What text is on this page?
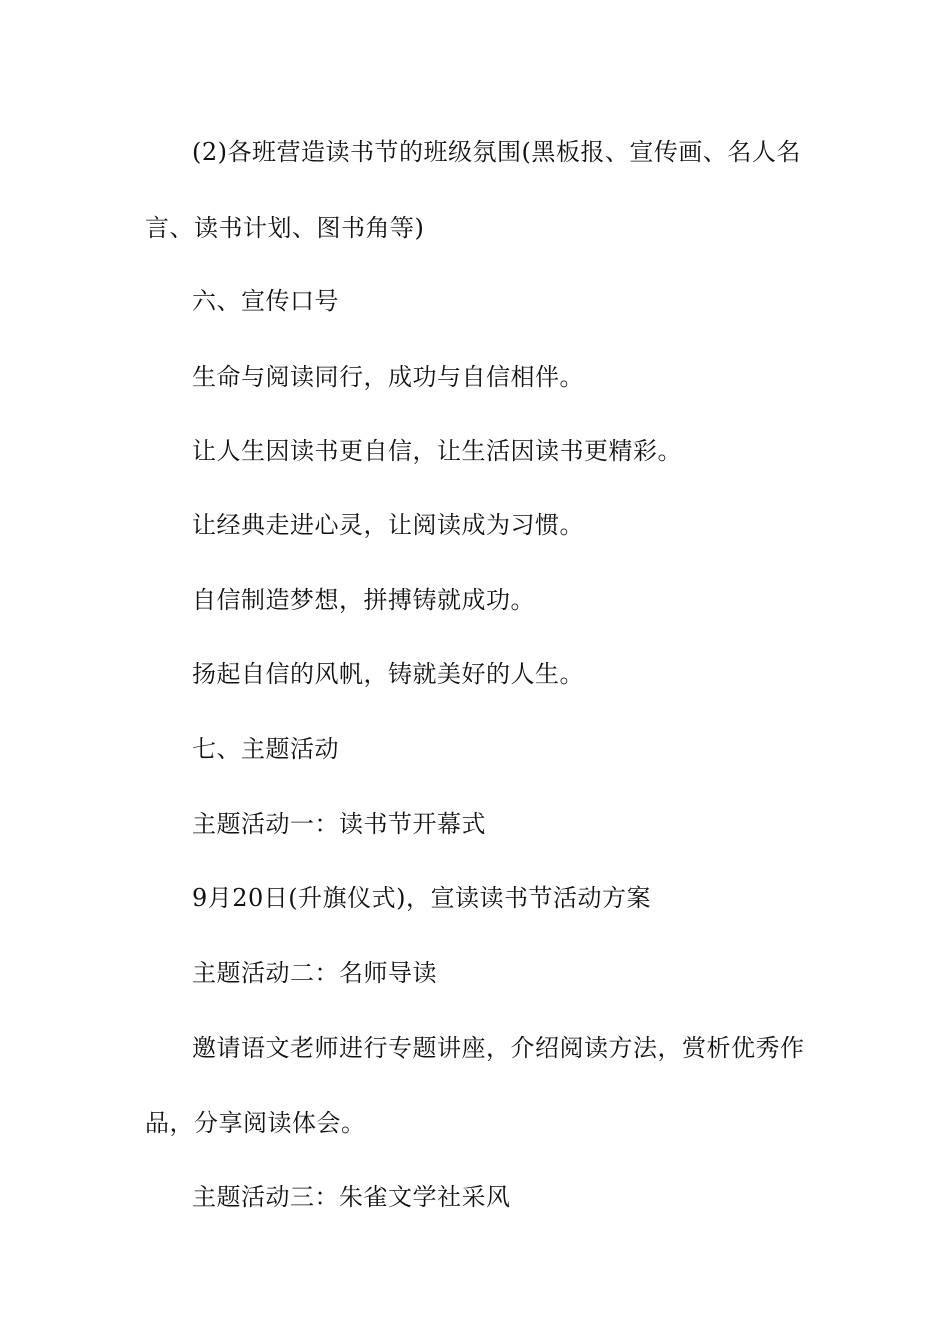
(2)各班营造读书节的班级氛围(黑板报、宣传画、名人名
言、读书计划、图书角等)
六、宣传口号
生命与阅读同行，成功与自信相伴。
让人生因读书更自信，让生活因读书更精彩。
让经典走进心灵，让阅读成为习惯。
自信制造梦想，拼搏铸就成功。
扬起自信的风帆，铸就美好的人生。
七、主题活动
主题活动一：读书节开幕式
9月20日(升旗仪式)，宣读读书节活动方案
主题活动二：名师导读
邀请语文老师进行专题讲座，介绍阅读方法，赏析优秀作
品，分享阅读体会。
主题活动三：朱雀文学社采风
